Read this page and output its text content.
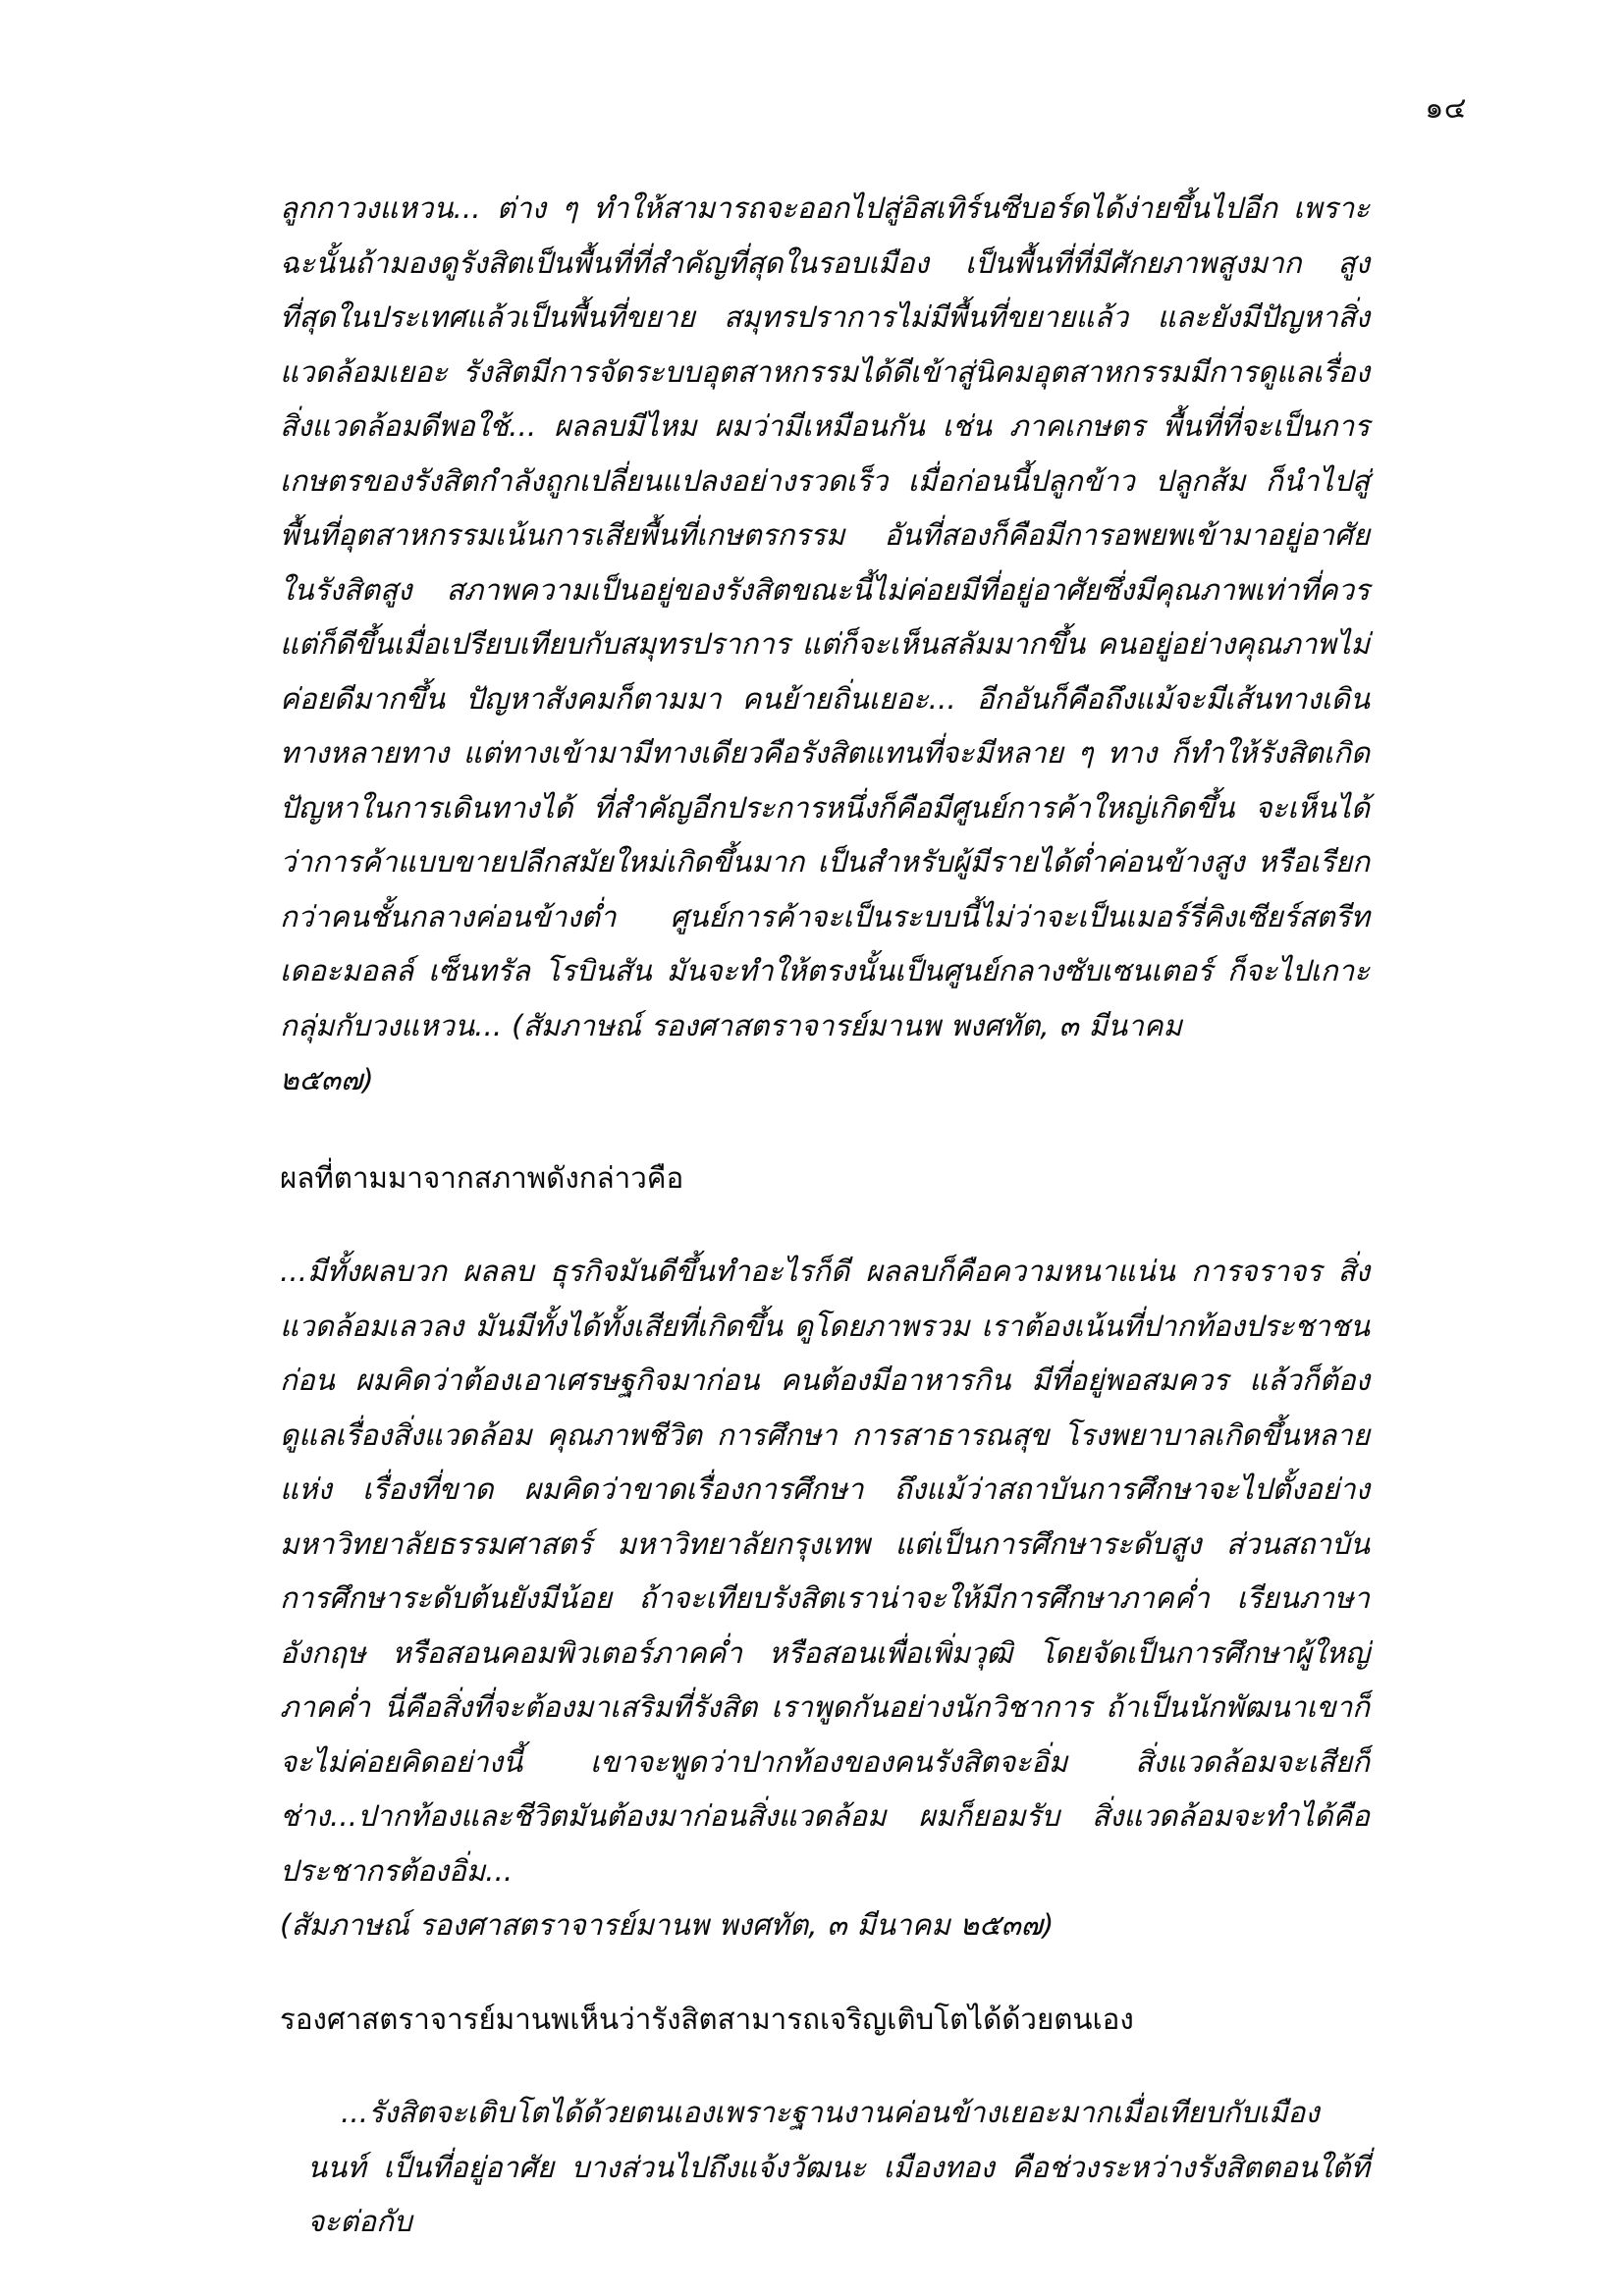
๑๔

ลูกกาวงแหวน... ต่าง ๆ ทำให้สามารถจะออกไปสู่อิสเทิร์นซีบอร์ดได้ง่ายขึ้นไปอีก เพราะฉะนั้นถ้ามองดูรังสิตเป็นพื้นที่ที่สำคัญที่สุดในรอบเมือง เป็นพื้นที่ที่มีศักยภาพสูงมาก สูงที่สุดในประเทศแล้วเป็นพื้นที่ขยาย สมุทรปราการไม่มีพื้นที่ขยายแล้ว และยังมีปัญหาสิ่งแวดล้อมเยอะ รังสิตมีการจัดระบบอุตสาหกรรมได้ดีเข้าสู่นิคมอุตสาหกรรมมีการดูแลเรื่องสิ่งแวดล้อมดีพอใช้... ผลลบมีไหม ผมว่ามีเหมือนกัน เช่น ภาคเกษตร พื้นที่ที่จะเป็นการเกษตรของรังสิตกำลังถูกเปลี่ยนแปลงอย่างรวดเร็ว เมื่อก่อนนี้ปลูกข้าว ปลูกส้ม ก็นำไปสู่พื้นที่อุตสาหกรรมเน้นการเสียพื้นที่เกษตรกรรม อันที่สองก็คือมีการอพยพเข้ามาอยู่อาศัยในรังสิตสูง สภาพความเป็นอยู่ของรังสิตขณะนี้ไม่ค่อยมีที่อยู่อาศัยซึ่งมีคุณภาพเท่าที่ควร แต่ก็ดีขึ้นเมื่อเปรียบเทียบกับสมุทรปราการ แต่ก็จะเห็นสลัมมากขึ้น คนอยู่อย่างคุณภาพไม่ค่อยดีมากขึ้น ปัญหาสังคมก็ตามมา คนย้ายถิ่นเยอะ... อีกอันก็คือถึงแม้จะมีเส้นทางเดินทางหลายทาง แต่ทางเข้ามามีทางเดียวคือรังสิตแทนที่จะมีหลาย ๆ ทาง ก็ทำให้รังสิตเกิดปัญหาในการเดินทางได้ ที่สำคัญอีกประการหนึ่งก็คือมีศูนย์การค้าใหญ่เกิดขึ้น จะเห็นได้ว่าการค้าแบบขายปลีกสมัยใหม่เกิดขึ้นมาก เป็นสำหรับผู้มีรายได้ต่ำค่อนข้างสูง หรือเรียกกว่าคนชั้นกลางค่อนข้างต่ำ ศูนย์การค้าจะเป็นระบบนี้ไม่ว่าจะเป็นเมอร์รี่คิงเซียร์สตรีท เดอะมอลล์ เซ็นทรัล โรบินสัน มันจะทำให้ตรงนั้นเป็นศูนย์กลางซับเซนเตอร์ ก็จะไปเกาะกลุ่มกับวงแหวน... (สัมภาษณ์ รองศาสตราจารย์มานพ พงศทัต, ๓ มีนาคม

๒๕๓๗)

ผลที่ตามมาจากสภาพดังกล่าวคือ

...มีทั้งผลบวก ผลลบ ธุรกิจมันดีขึ้นทำอะไรก็ดี ผลลบก็คือความหนาแน่น การจราจร สิ่งแวดล้อมเลวลง มันมีทั้งได้ทั้งเสียที่เกิดขึ้น ดูโดยภาพรวม เราต้องเน้นที่ปากท้องประชาชนก่อน ผมคิดว่าต้องเอาเศรษฐกิจมาก่อน คนต้องมีอาหารกิน มีที่อยู่พอสมควร แล้วก็ต้องดูแลเรื่องสิ่งแวดล้อม คุณภาพชีวิต การศึกษา การสาธารณสุข โรงพยาบาลเกิดขึ้นหลายแห่ง เรื่องที่ขาด ผมคิดว่าขาดเรื่องการศึกษา ถึงแม้ว่าสถาบันการศึกษาจะไปตั้งอย่างมหาวิทยาลัยธรรมศาสตร์ มหาวิทยาลัยกรุงเทพ แต่เป็นการศึกษาระดับสูง ส่วนสถาบันการศึกษาระดับต้นยังมีน้อย ถ้าจะเทียบรังสิตเราน่าจะให้มีการศึกษาภาคค่ำ เรียนภาษาอังกฤษ หรือสอนคอมพิวเตอร์ภาคค่ำ หรือสอนเพื่อเพิ่มวุฒิ โดยจัดเป็นการศึกษาผู้ใหญ่ภาคค่ำ นี่คือสิ่งที่จะต้องมาเสริมที่รังสิต เราพูดกันอย่างนักวิชาการ ถ้าเป็นนักพัฒนาเขาก็จะไม่ค่อยคิดอย่างนี้ เขาจะพูดว่าปากท้องของคนรังสิตจะอิ่ม สิ่งแวดล้อมจะเสียก็ช่าง...ปากท้องและชีวิตมันต้องมาก่อนสิ่งแวดล้อม ผมก็ยอมรับ สิ่งแวดล้อมจะทำได้คือ ประชากรต้องอิ่ม...

(สัมภาษณ์ รองศาสตราจารย์มานพ พงศทัต, ๓ มีนาคม ๒๕๓๗)

รองศาสตราจารย์มานพเห็นว่ารังสิตสามารถเจริญเติบโตได้ด้วยตนเอง

...รังสิตจะเติบโตได้ด้วยตนเองเพราะฐานงานค่อนข้างเยอะมากเมื่อเทียบกับเมืองนนท์ เป็นที่อยู่อาศัย บางส่วนไปถึงแจ้งวัฒนะ เมืองทอง คือช่วงระหว่างรังสิตตอนใต้ที่จะต่อกับ
